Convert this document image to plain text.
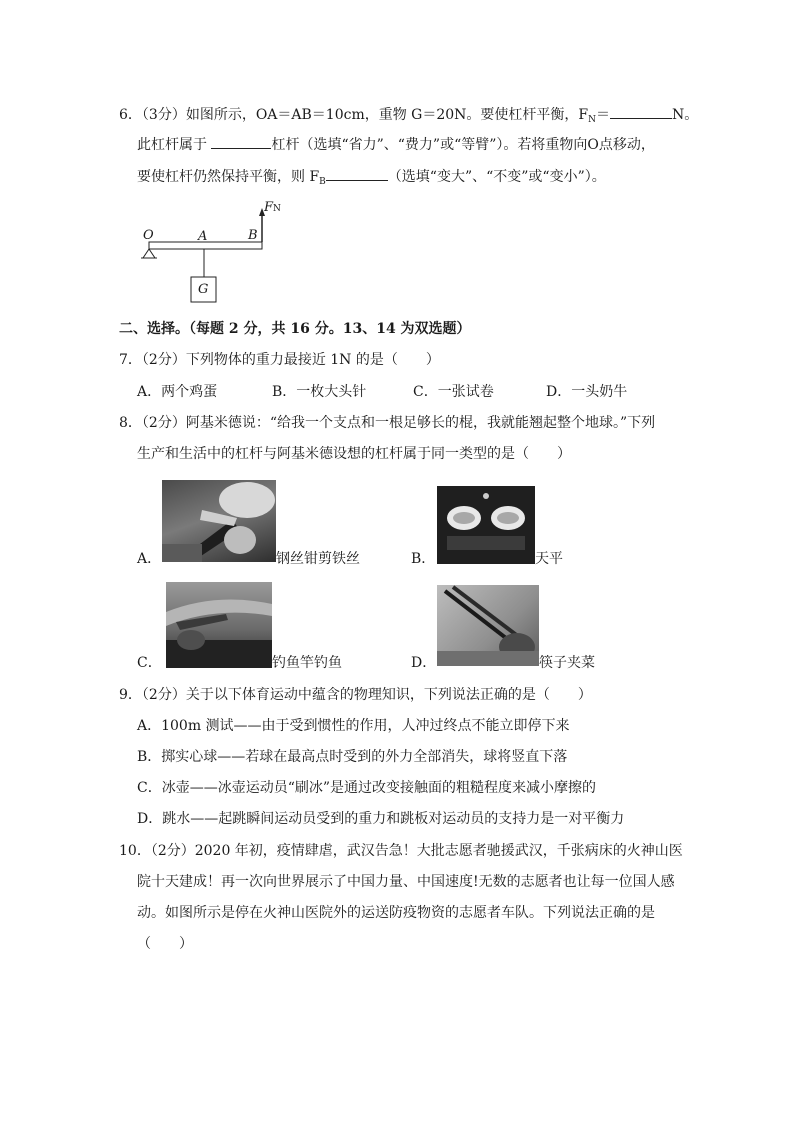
6．（3分）如图所示，OA＝AB＝10cm，重物 G＝20N。要使杠杆平衡，$F_N=$	N。
此杠杆属于	杠杆（选填“省力”、“费力”或“等臂”）。若将重物向O点移动，
要使杠杆仍然保持平衡，则 $F_B$	（选填“变大”、“不变”或“变小”）。
O	A	B
FN
G
二、选择。（每题 2 分，共 16 分。13、14 为双选题）
7．（2分）下列物体的重力最接近 1N 的是（　　）
A．两个鸡蛋	B．一枚大头针	C．一张试卷	D．一头奶牛
8．（2分）阿基米德说：“给我一个支点和一根足够长的棍，我就能翘起整个地球。”下列
生产和生活中的杠杆与阿基米德设想的杠杆属于同一类型的是（　　）
A．	钢丝钳剪铁丝	B．	天平
C．	钓鱼竿钓鱼	D．	筷子夹菜
9．（2分）关于以下体育运动中蕴含的物理知识，下列说法正确的是（　　）
A．100m 测试——由于受到惯性的作用，人冲过终点不能立即停下来
B．掷实心球——若球在最高点时受到的外力全部消失，球将竖直下落
C．冰壶——冰壶运动员“刷冰”是通过改变接触面的粗糙程度来减小摩擦的
D．跳水——起跳瞬间运动员受到的重力和跳板对运动员的支持力是一对平衡力
10．（2分）2020 年初，疫情肆虐，武汉告急！大批志愿者驰援武汉，千张病床的火神山医
院十天建成！再一次向世界展示了中国力量、中国速度!无数的志愿者也让每一位国人感
动。如图所示是停在火神山医院外的运送防疫物资的志愿者车队。下列说法正确的是
（　　）
